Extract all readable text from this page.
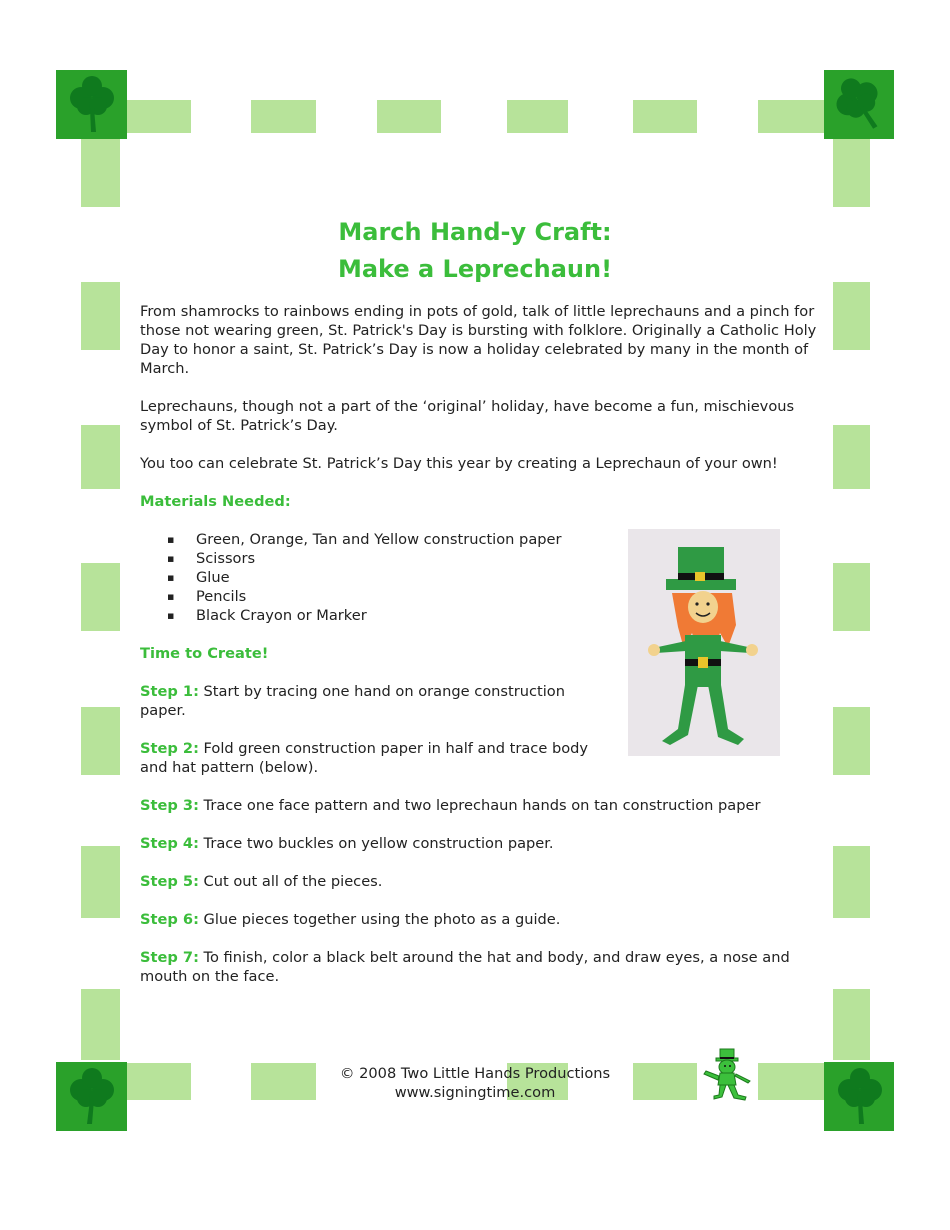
March Hand-y Craft:
Make a Leprechaun!

From shamrocks to rainbows ending in pots of gold, talk of little leprechauns and a pinch for those not wearing green, St. Patrick's Day is bursting with folklore. Originally a Catholic Holy Day to honor a saint, St. Patrick’s Day is now a holiday celebrated by many in the month of March.

Leprechauns, though not a part of the ‘original’ holiday, have become a fun, mischievous symbol of St. Patrick’s Day.

You too can celebrate St. Patrick’s Day this year by creating a Leprechaun of your own!

Materials Needed:

▪ Green, Orange, Tan and Yellow construction paper
▪ Scissors
▪ Glue
▪ Pencils
▪ Black Crayon or Marker

Time to Create!

Step 1: Start by tracing one hand on orange construction paper.

Step 2: Fold green construction paper in half and trace body and hat pattern (below).

Step 3: Trace one face pattern and two leprechaun hands on tan construction paper

Step 4: Trace two buckles on yellow construction paper.

Step 5: Cut out all of the pieces.

Step 6: Glue pieces together using the photo as a guide.

Step 7: To finish, color a black belt around the hat and body, and draw eyes, a nose and mouth on the face.

© 2008 Two Little Hands Productions
www.signingtime.com
